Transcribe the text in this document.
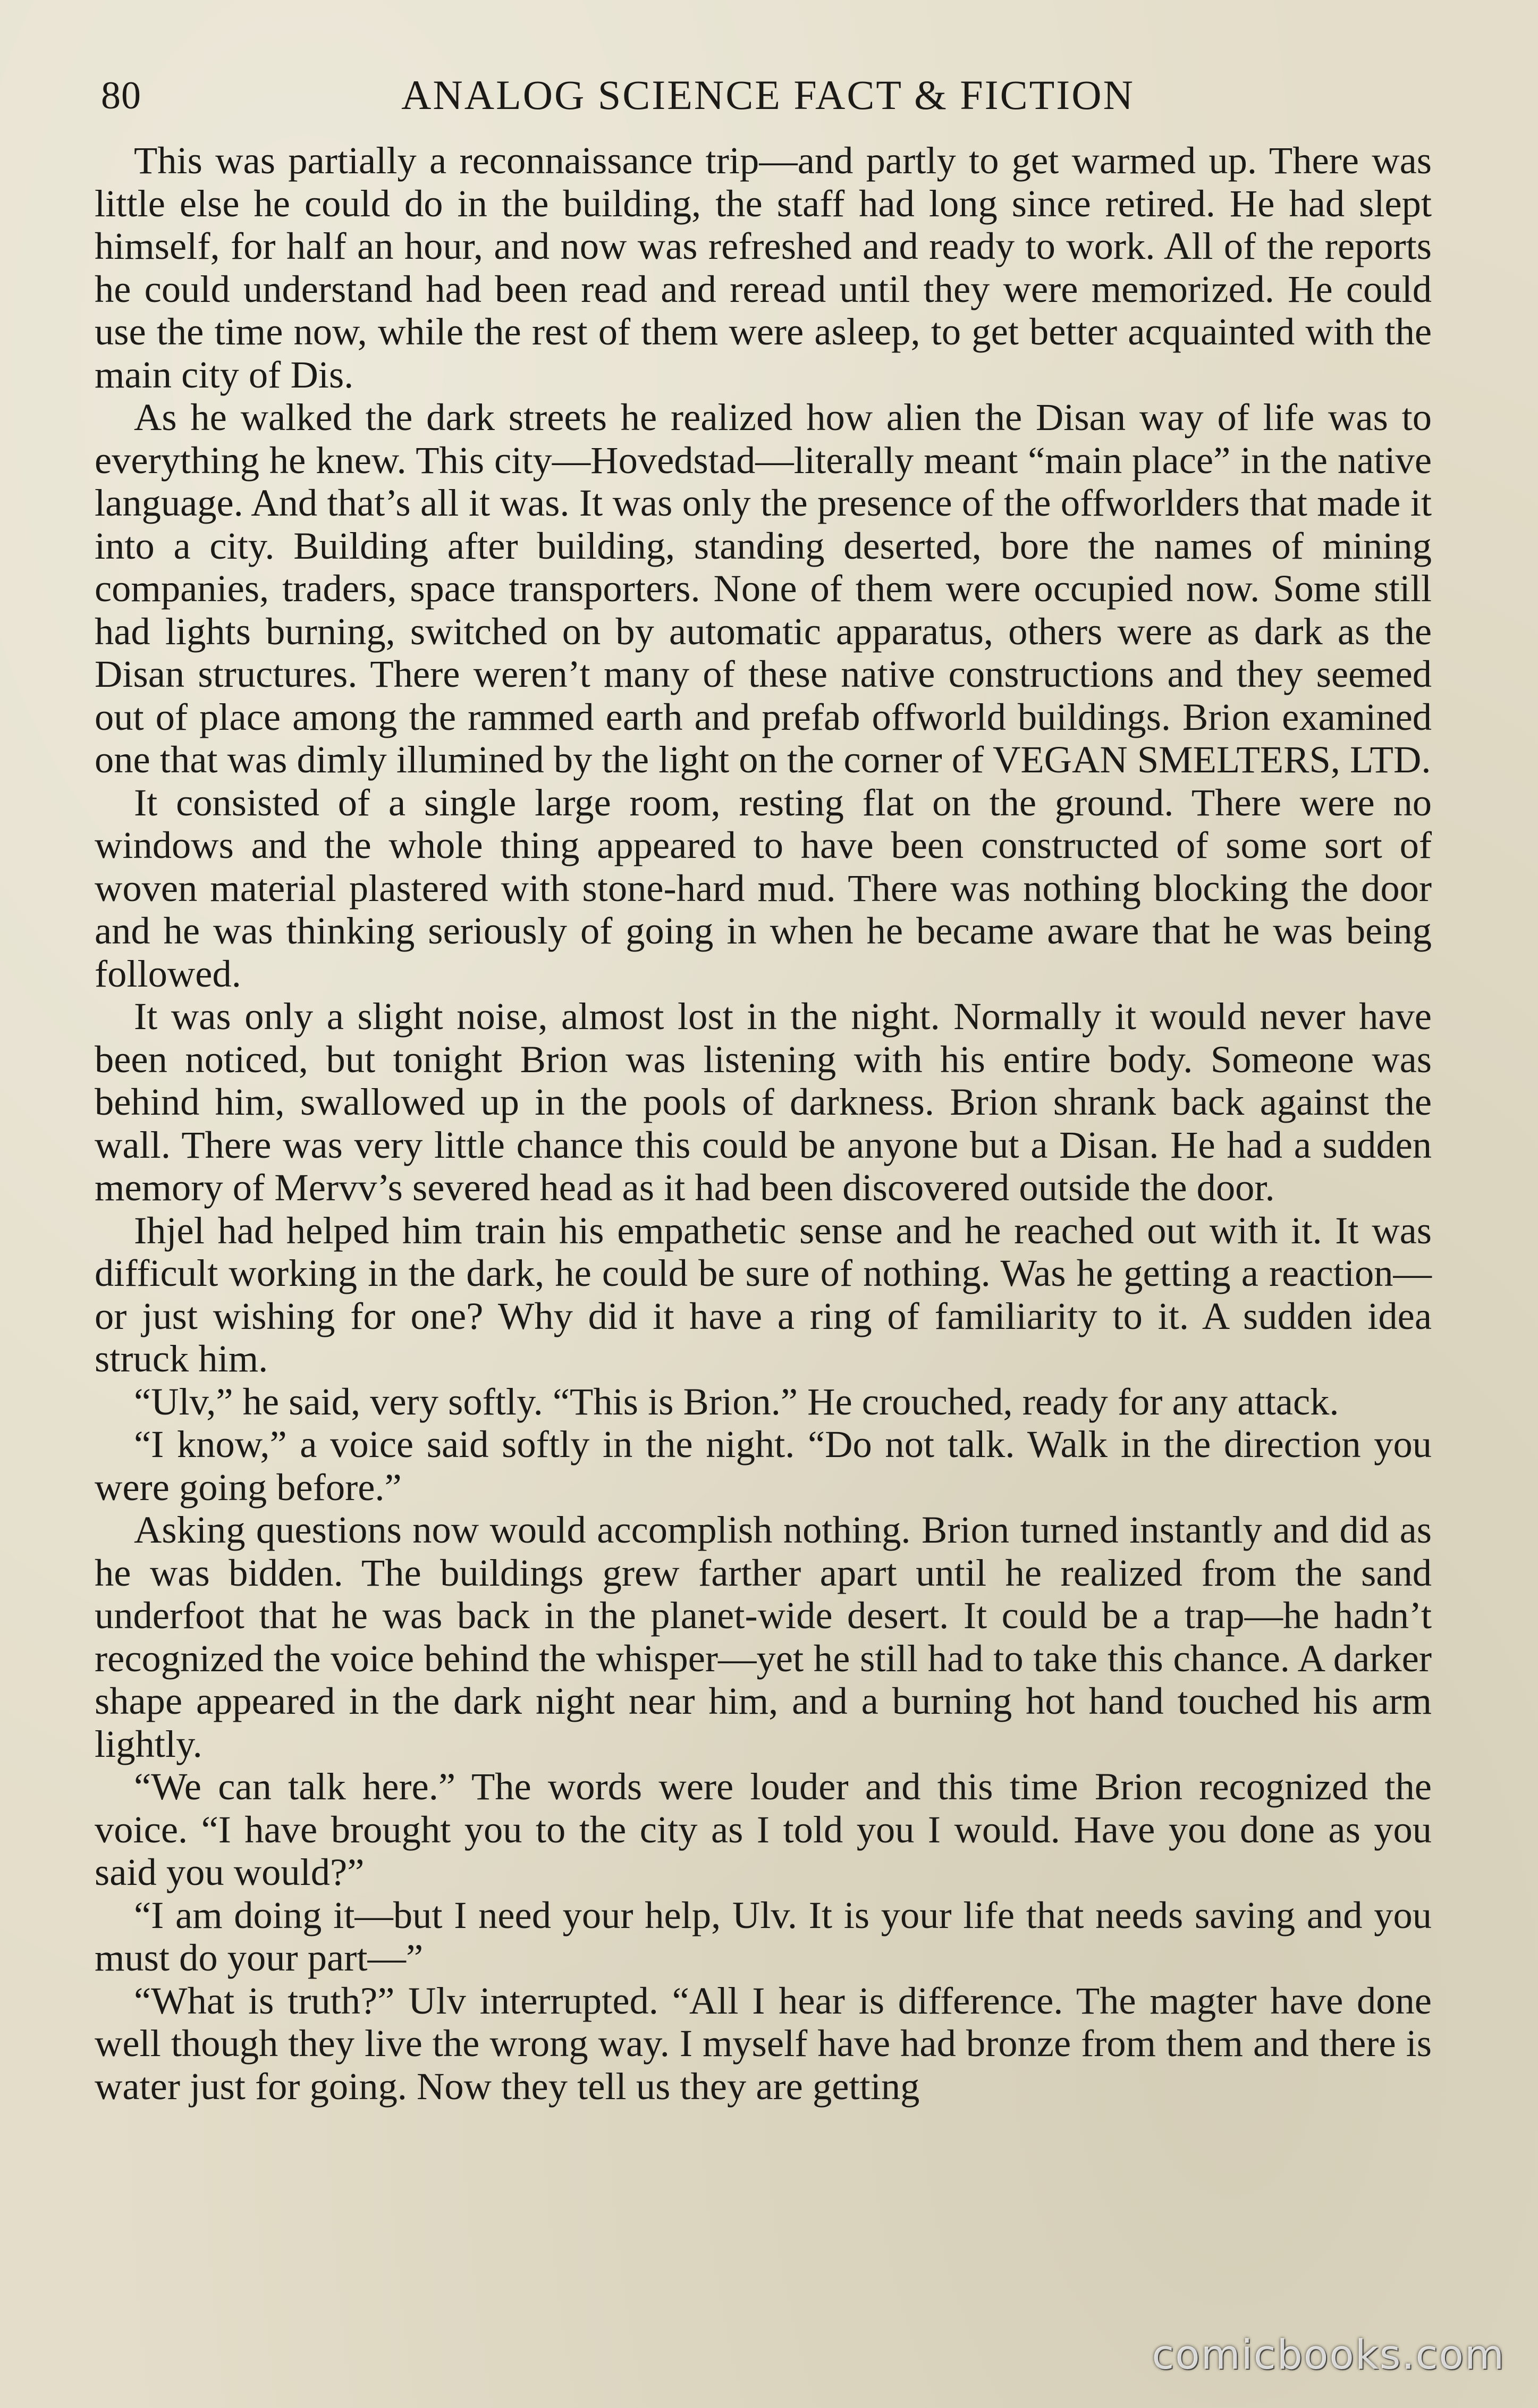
80	ANALOG SCIENCE FACT & FICTION

This was partially a reconnaissance trip—and partly to get warmed up. There was little else he could do in the building, the staff had long since retired. He had slept himself, for half an hour, and now was refreshed and ready to work. All of the reports he could understand had been read and reread until they were memorized. He could use the time now, while the rest of them were asleep, to get better acquainted with the main city of Dis.

As he walked the dark streets he realized how alien the Disan way of life was to everything he knew. This city—Hovedstad—literally meant “main place” in the native language. And that’s all it was. It was only the presence of the offworlders that made it into a city. Building after building, standing deserted, bore the names of mining companies, traders, space transporters. None of them were occupied now. Some still had lights burning, switched on by automatic apparatus, others were as dark as the Disan structures. There weren’t many of these native constructions and they seemed out of place among the rammed earth and prefab offworld buildings. Brion examined one that was dimly illumined by the light on the corner of VEGAN SMELTERS, LTD.

It consisted of a single large room, resting flat on the ground. There were no windows and the whole thing appeared to have been constructed of some sort of woven material plastered with stone-hard mud. There was nothing blocking the door and he was thinking seriously of going in when he became aware that he was being followed.

It was only a slight noise, almost lost in the night. Normally it would never have been noticed, but tonight Brion was listening with his entire body. Someone was behind him, swallowed up in the pools of darkness. Brion shrank back against the wall. There was very little chance this could be anyone but a Disan. He had a sudden memory of Mervv’s severed head as it had been discovered outside the door.

Ihjel had helped him train his empathetic sense and he reached out with it. It was difficult working in the dark, he could be sure of nothing. Was he getting a reaction—or just wishing for one? Why did it have a ring of familiarity to it. A sudden idea struck him.

“Ulv,” he said, very softly. “This is Brion.” He crouched, ready for any attack.

“I know,” a voice said softly in the night. “Do not talk. Walk in the direction you were going before.”

Asking questions now would accomplish nothing. Brion turned instantly and did as he was bidden. The buildings grew farther apart until he realized from the sand underfoot that he was back in the planet-wide desert. It could be a trap—he hadn’t recognized the voice behind the whisper—yet he still had to take this chance. A darker shape appeared in the dark night near him, and a burning hot hand touched his arm lightly.

“We can talk here.” The words were louder and this time Brion recognized the voice. “I have brought you to the city as I told you I would. Have you done as you said you would?”

“I am doing it—but I need your help, Ulv. It is your life that needs saving and you must do your part—”

“What is truth?” Ulv interrupted. “All I hear is difference. The magter have done well though they live the wrong way. I myself have had bronze from them and there is water just for going. Now they tell us they are getting

comicbooks.com
